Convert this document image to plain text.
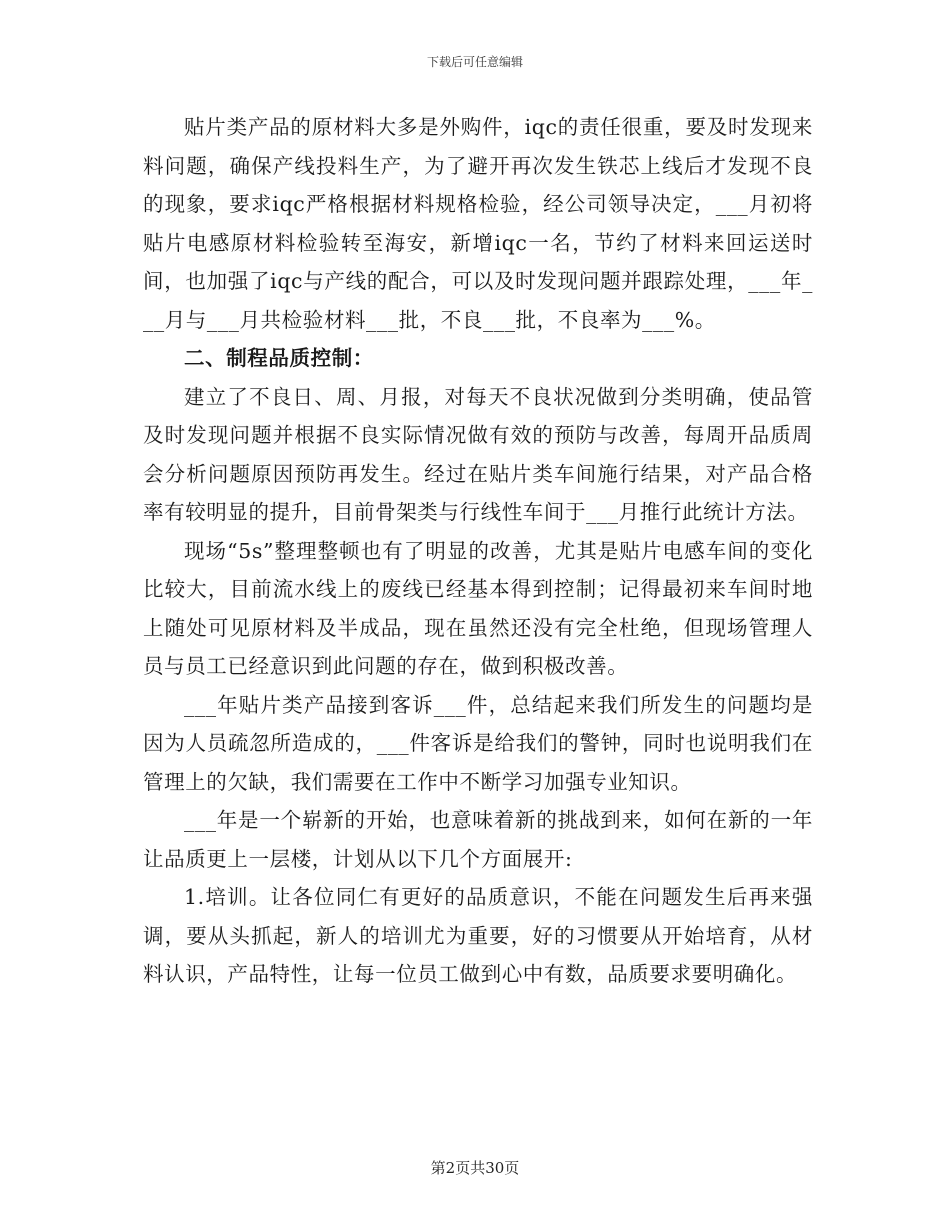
下载后可任意编辑

贴片类产品的原材料大多是外购件，iqc的责任很重，要及时发现来料问题，确保产线投料生产，为了避开再次发生铁芯上线后才发现不良的现象，要求iqc严格根据材料规格检验，经公司领导决定，___月初将贴片电感原材料检验转至海安，新增iqc一名，节约了材料来回运送时间，也加强了iqc与产线的配合，可以及时发现问题并跟踪处理，___年___月与___月共检验材料___批，不良___批，不良率为___%。

二、制程品质控制：

建立了不良日、周、月报，对每天不良状况做到分类明确，使品管及时发现问题并根据不良实际情况做有效的预防与改善，每周开品质周会分析问题原因预防再发生。经过在贴片类车间施行结果，对产品合格率有较明显的提升，目前骨架类与行线性车间于___月推行此统计方法。

现场“5s”整理整顿也有了明显的改善，尤其是贴片电感车间的变化比较大，目前流水线上的废线已经基本得到控制；记得最初来车间时地上随处可见原材料及半成品，现在虽然还没有完全杜绝，但现场管理人员与员工已经意识到此问题的存在，做到积极改善。

___年贴片类产品接到客诉___件，总结起来我们所发生的问题均是因为人员疏忽所造成的，___件客诉是给我们的警钟，同时也说明我们在管理上的欠缺，我们需要在工作中不断学习加强专业知识。

___年是一个崭新的开始，也意味着新的挑战到来，如何在新的一年让品质更上一层楼，计划从以下几个方面展开:

1.培训。让各位同仁有更好的品质意识，不能在问题发生后再来强调，要从头抓起，新人的培训尤为重要，好的习惯要从开始培育，从材料认识，产品特性，让每一位员工做到心中有数，品质要求要明确化。

第2页共30页
